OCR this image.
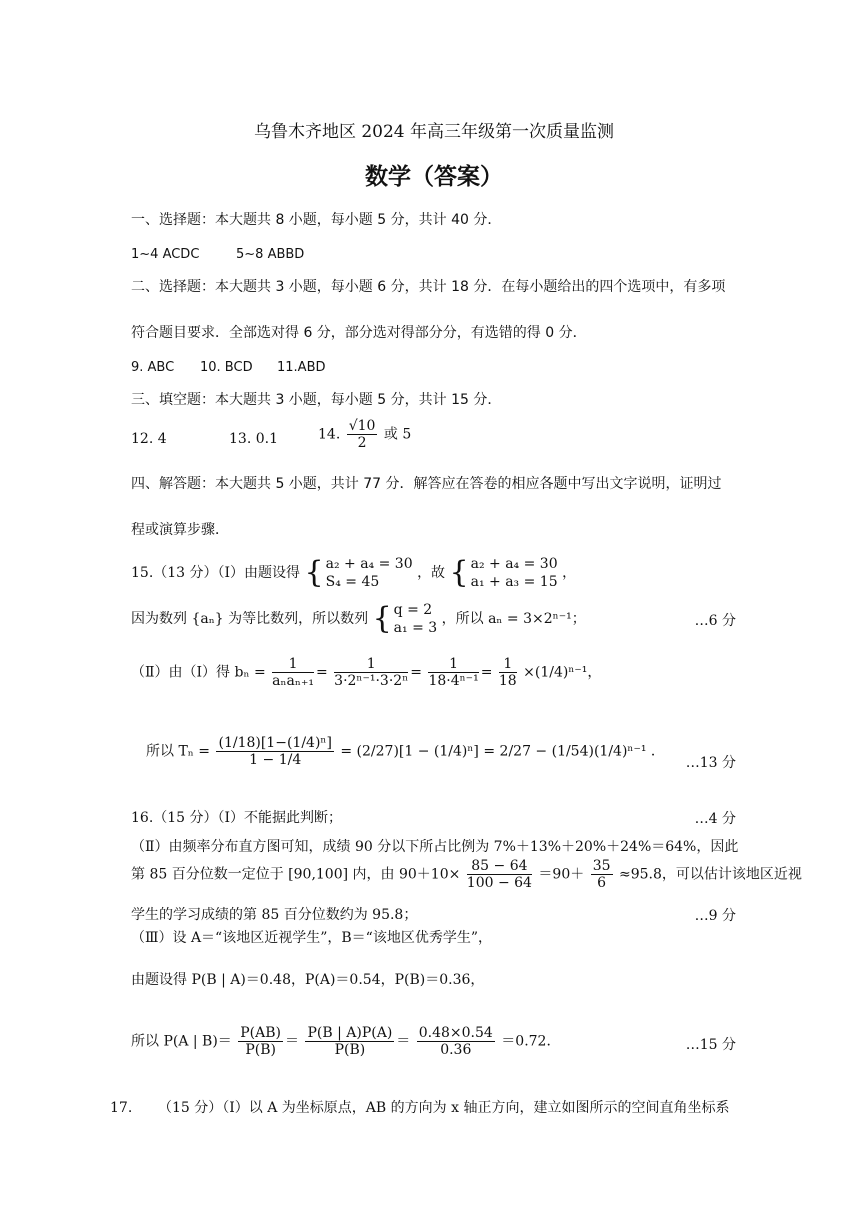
乌鲁木齐地区 2024 年高三年级第一次质量监测
数学（答案）
一、选择题：本大题共 8 小题，每小题 5 分，共计 40 分．
1~4 ACDC	5~8 ABBD
二、选择题：本大题共 3 小题，每小题 6 分，共计 18 分．在每小题给出的四个选项中，有多项
符合题目要求．全部选对得 6 分，部分选对得部分分，有选错的得 0 分．
9. ABC 10. BCD 11.ABD
三、填空题：本大题共 3 小题，每小题 5 分，共计 15 分．
12. 4	13. 0.1	14. $\frac{√10}{2}$ 或 5
四、解答题：本大题共 5 小题，共计 77 分．解答应在答卷的相应各题中写出文字说明，证明过
程或演算步骤．
15.（13 分）（Ⅰ）由题设得 { a₂ + a₄ = 30
S₄ = 45
，故 { a₂ + a₄ = 30
a₁ + a₃ = 15
，
因为数列 {aₙ} 为等比数列，所以数列 { q = 2
a₁ = 3
，所以 aₙ = 3×2ⁿ⁻¹；	…6 分
（Ⅱ）由（Ⅰ）得 $b_n = \frac{1}{\text{aₙaₙ₊₁}} = \frac{1}{\text{3·2ⁿ⁻¹·3·2ⁿ}} = \frac{1}{\text{18·4ⁿ⁻¹}} = \frac{1}{18} \times(1/4)^{n-1}$，
所以 $T_n = \frac{\text{(1/18)[1−(1/4)ⁿ]}}{1 - 1/4} = (2/27)[1 - (1/4)^n] = 2/27 - (1/54)(1/4)^{n-1}$ ．
…13 分
16.（15 分）（Ⅰ）不能据此判断；	…4 分
（Ⅱ）由频率分布直方图可知，成绩 90 分以下所占比例为 7%＋13%＋20%＋24%＝64%，因此
第 85 百分位数一定位于 [90,100] 内，由 $90+10\times \frac{85 - 64}{100 - 64} =90+ \frac{35}{6} \approx 95.8$，可以估计该地区近视
学生的学习成绩的第 85 百分位数约为 95.8；	…9 分
（Ⅲ）设 A＝“该地区近视学生”，B＝“该地区优秀学生”，
由题设得 P(B | A)＝0.48，P(A)＝0.54，P(B)＝0.36，
所以 P(A | $B)= \frac{P(AB)}{P(B)} = \frac{P(B | A)P(A)}{P(B)} = \frac{0.48\times 0.54}{0.36} =0.72$．	…15 分
17. （15 分）（Ⅰ）以 A 为坐标原点，AB 的方向为 x 轴正方向，建立如图所示的空间直角坐标系
